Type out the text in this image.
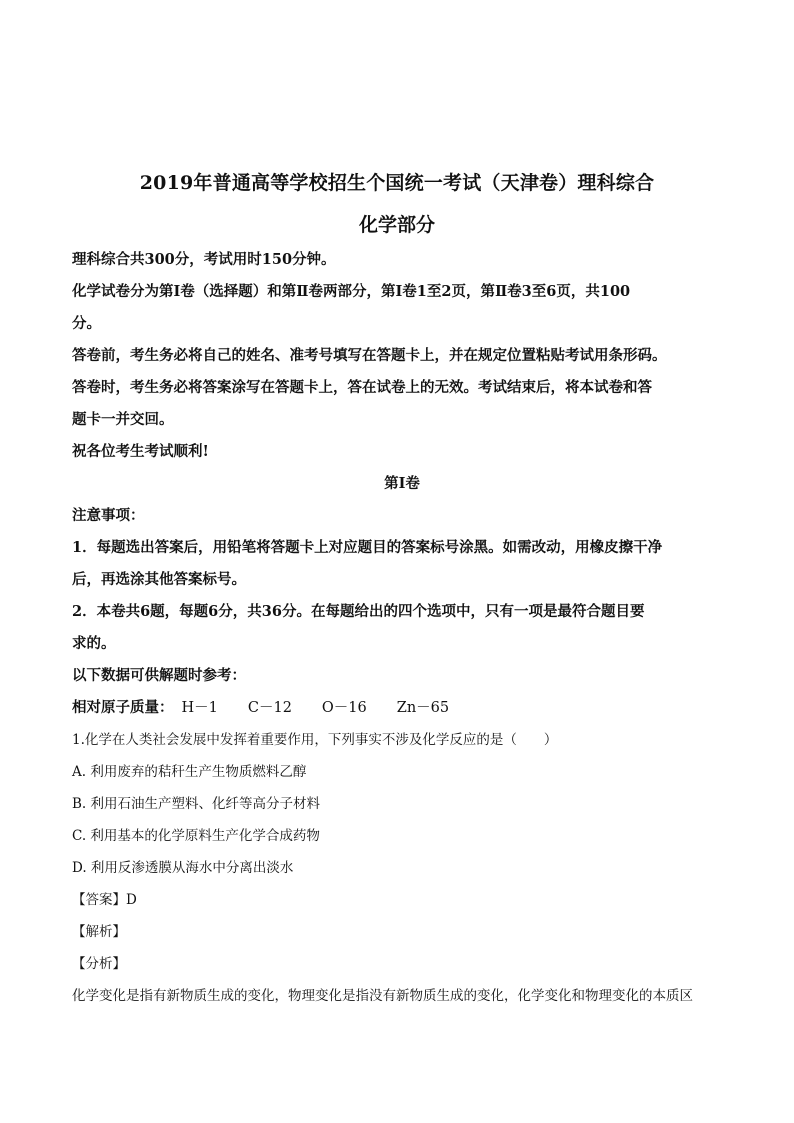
2019年普通高等学校招生个国统一考试（天津卷）理科综合
化学部分
理科综合共300分，考试用时150分钟。
化学试卷分为第Ⅰ卷（选择题）和第Ⅱ卷两部分，第Ⅰ卷1至2页，第Ⅱ卷3至6页，共100
分。
答卷前，考生务必将自己的姓名、准考号填写在答题卡上，并在规定位置粘贴考试用条形码。
答卷时，考生务必将答案涂写在答题卡上，答在试卷上的无效。考试结束后，将本试卷和答
题卡一并交回。
祝各位考生考试顺利!
第Ⅰ卷
注意事项：
1．每题选出答案后，用铅笔将答题卡上对应题目的答案标号涂黑。如需改动，用橡皮擦干净
后，再选涂其他答案标号。
2．本卷共6题，每题6分，共36分。在每题给出的四个选项中，只有一项是最符合题目要
求的。
以下数据可供解题时参考：
相对原子质量： H－1 C－12 O－16 Zn－65
1.化学在人类社会发展中发挥着重要作用，下列事实不涉及化学反应的是（　　）
A. 利用废弃的秸秆生产生物质燃料乙醇
B. 利用石油生产塑料、化纤等高分子材料
C. 利用基本的化学原料生产化学合成药物
D. 利用反渗透膜从海水中分离出淡水
【答案】D
【解析】
【分析】
化学变化是指有新物质生成的变化，物理变化是指没有新物质生成的变化，化学变化和物理变化的本质区
